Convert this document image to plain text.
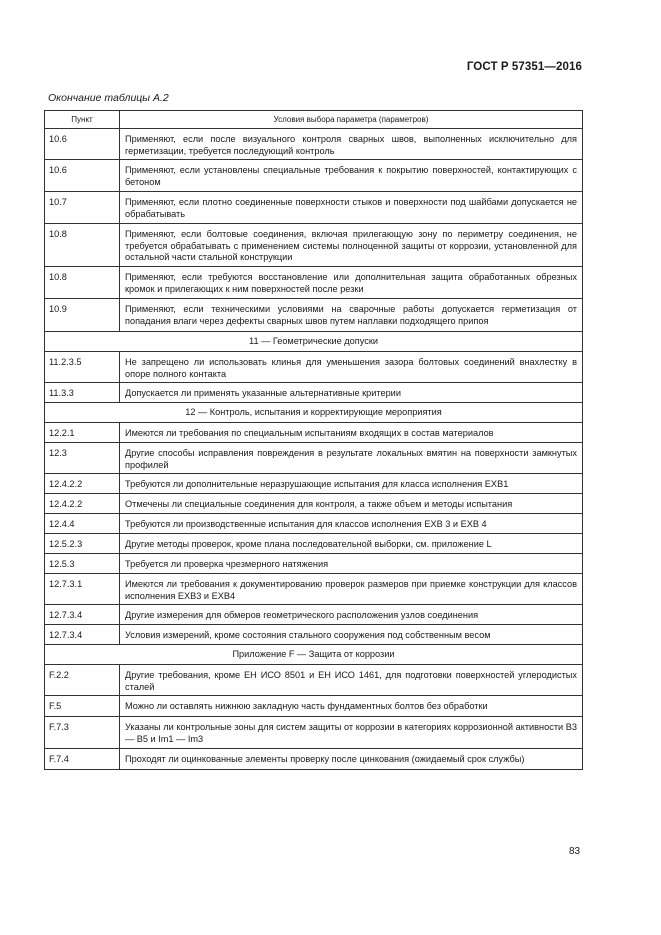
ГОСТ Р 57351—2016
Окончание таблицы А.2
Пункт	Условия выбора параметра (параметров)
10.6	Применяют, если после визуального контроля сварных швов, выполненных исключительно для герметизации, требуется последующий контроль
10.6	Применяют, если установлены специальные требования к покрытию поверхностей, контактирующих с бетоном
10.7	Применяют, если плотно соединенные поверхности стыков и поверхности под шайбами допускается не обрабатывать
10.8	Применяют, если болтовые соединения, включая прилегающую зону по периметру соединения, не требуется обрабатывать с применением системы полноценной защиты от коррозии, установленной для остальной части стальной конструкции
10.8	Применяют, если требуются восстановление или дополнительная защита обработанных обрезных кромок и прилегающих к ним поверхностей после резки
10.9	Применяют, если техническими условиями на сварочные работы допускается герметизация от попадания влаги через дефекты сварных швов путем наплавки подходящего припоя
11 — Геометрические допуски	
11.2.3.5	Не запрещено ли использовать клинья для уменьшения зазора болтовых соединений внахлестку в опоре полного контакта
11.3.3	Допускается ли применять указанные альтернативные критерии
12 — Контроль, испытания и корректирующие мероприятия	
12.2.1	Имеются ли требования по специальным испытаниям входящих в состав материалов
12.3	Другие способы исправления повреждения в результате локальных вмятин на поверхности замкнутых профилей
12.4.2.2	Требуются ли дополнительные неразрушающие испытания для класса исполнения EXB1
12.4.2.2	Отмечены ли специальные соединения для контроля, а также объем и методы испытания
12.4.4	Требуются ли производственные испытания для классов исполнения EXB 3 и EXB 4
12.5.2.3	Другие методы проверок, кроме плана последовательной выборки, см. приложение L
12.5.3	Требуется ли проверка чрезмерного натяжения
12.7.3.1	Имеются ли требования к документированию проверок размеров при приемке конструкции для классов исполнения EXB3 и EXB4
12.7.3.4	Другие измерения для обмеров геометрического расположения узлов соединения
12.7.3.4	Условия измерений, кроме состояния стального сооружения под собственным весом
Приложение F — Защита от коррозии	
F.2.2	Другие требования, кроме ЕН ИСО 8501 и ЕН ИСО 1461, для подготовки поверхностей углеродистых сталей
F.5	Можно ли оставлять нижнюю закладную часть фундаментных болтов без обработки
F.7.3	Указаны ли контрольные зоны для систем защиты от коррозии в категориях коррозионной активности B3 — B5 и Im1 — Im3
F.7.4	Проходят ли оцинкованные элементы проверку после цинкования (ожидаемый срок службы)
83
